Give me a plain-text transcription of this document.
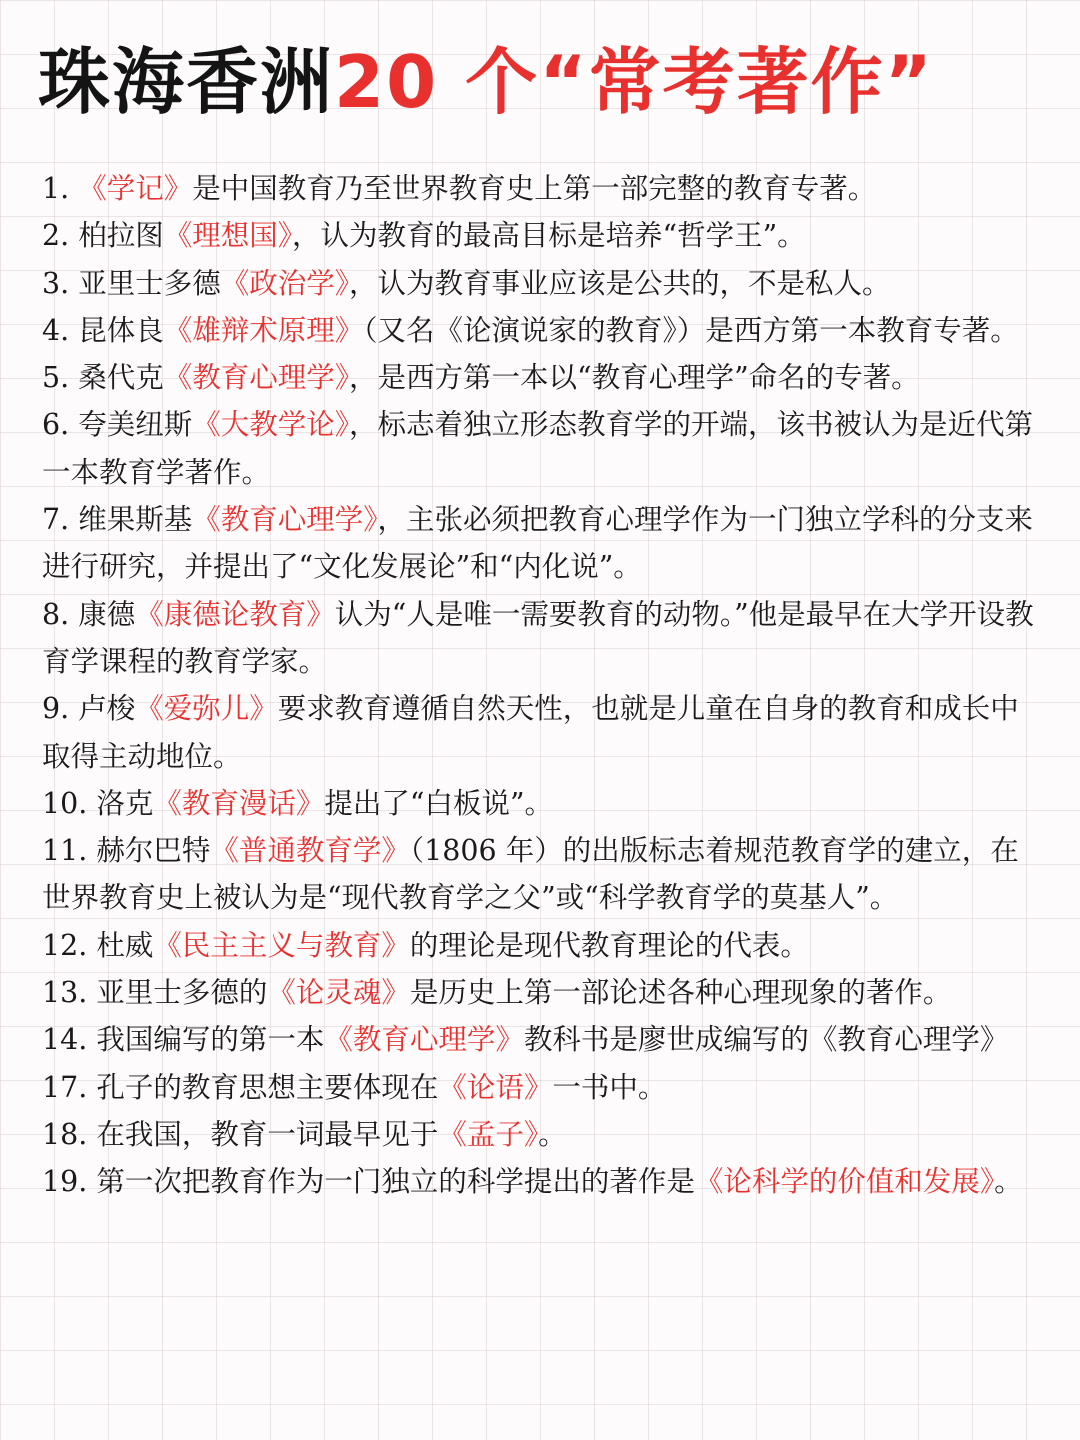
珠海香洲20 个“常考著作”
1. 《学记》是中国教育乃至世界教育史上第一部完整的教育专著。
2. 柏拉图《理想国》，认为教育的最高目标是培养“哲学王”。
3. 亚里士多德《政治学》，认为教育事业应该是公共的，不是私人。
4. 昆体良《雄辩术原理》（又名《论演说家的教育》）是西方第一本教育专著。
5. 桑代克《教育心理学》，是西方第一本以“教育心理学”命名的专著。
6. 夸美纽斯《大教学论》，标志着独立形态教育学的开端，该书被认为是近代第一本教育学著作。
7. 维果斯基《教育心理学》，主张必须把教育心理学作为一门独立学科的分支来进行研究，并提出了“文化发展论”和“内化说”。
8. 康德《康德论教育》认为“人是唯一需要教育的动物。”他是最早在大学开设教育学课程的教育学家。
9. 卢梭《爱弥儿》要求教育遵循自然天性，也就是儿童在自身的教育和成长中取得主动地位。
10. 洛克《教育漫话》提出了“白板说”。
11. 赫尔巴特《普通教育学》（1806 年）的出版标志着规范教育学的建立，在世界教育史上被认为是“现代教育学之父”或“科学教育学的莫基人”。
12. 杜威《民主主义与教育》的理论是现代教育理论的代表。
13. 亚里士多德的《论灵魂》是历史上第一部论述各种心理现象的著作。
14. 我国编写的第一本《教育心理学》教科书是廖世成编写的《教育心理学》
17. 孔子的教育思想主要体现在《论语》一书中。
18. 在我国，教育一词最早见于《孟子》。
19. 第一次把教育作为一门独立的科学提出的著作是《论科学的价值和发展》。
